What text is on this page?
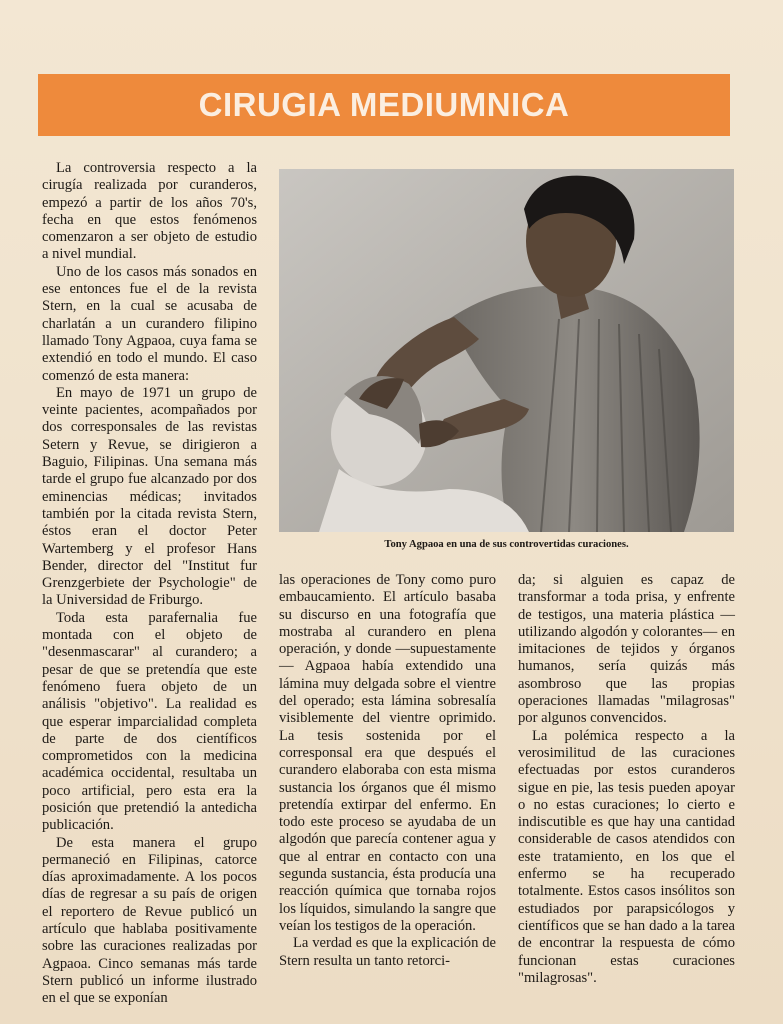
CIRUGIA MEDIUMNICA

La controversia respecto a la cirugía realizada por curanderos, empezó a partir de los años 70's, fecha en que estos fenómenos comenzaron a ser objeto de estudio a nivel mundial.

Uno de los casos más sonados en ese entonces fue el de la revista Stern, en la cual se acusaba de charlatán a un curandero filipino llamado Tony Agpaoa, cuya fama se extendió en todo el mundo. El caso comenzó de esta manera:

En mayo de 1971 un grupo de veinte pacientes, acompañados por dos corresponsales de las revistas Setern y Revue, se dirigieron a Baguio, Filipinas. Una semana más tarde el grupo fue alcanzado por dos eminencias médicas; invitados también por la citada revista Stern, éstos eran el doctor Peter Wartemberg y el profesor Hans Bender, director del "Institut fur Grenzgerbiete der Psychologie" de la Universidad de Friburgo.

Toda esta parafernalia fue montada con el objeto de "desenmascarar" al curandero; a pesar de que se pretendía que este fenómeno fuera objeto de un análisis "objetivo". La realidad es que esperar imparcialidad completa de parte de dos científicos comprometidos con la medicina académica occidental, resultaba un poco artificial, pero esta era la posición que pretendió la antedicha publicación.

De esta manera el grupo permaneció en Filipinas, catorce días aproximadamente. A los pocos días de regresar a su país de origen el reportero de Revue publicó un artículo que hablaba positivamente sobre las curaciones realizadas por Agpaoa. Cinco semanas más tarde Stern publicó un informe ilustrado en el que se exponían

Tony Agpaoa en una de sus controvertidas curaciones.

las operaciones de Tony como puro embaucamiento. El artículo basaba su discurso en una fotografía que mostraba al curandero en plena operación, y donde —supuestamente— Agpaoa había extendido una lámina muy delgada sobre el vientre del operado; esta lámina sobresalía visiblemente del vientre oprimido. La tesis sostenida por el corresponsal era que después el curandero elaboraba con esta misma sustancia los órganos que él mismo pretendía extirpar del enfermo. En todo este proceso se ayudaba de un algodón que parecía contener agua y que al entrar en contacto con una segunda sustancia, ésta producía una reacción química que tornaba rojos los líquidos, simulando la sangre que veían los testigos de la operación.

La verdad es que la explicación de Stern resulta un tanto retorci-

da; si alguien es capaz de transformar a toda prisa, y enfrente de testigos, una materia plástica —utilizando algodón y colorantes— en imitaciones de tejidos y órganos humanos, sería quizás más asombroso que las propias operaciones llamadas "milagrosas" por algunos convencidos.

La polémica respecto a la verosimilitud de las curaciones efectuadas por estos curanderos sigue en pie, las tesis pueden apoyar o no estas curaciones; lo cierto e indiscutible es que hay una cantidad considerable de casos atendidos con este tratamiento, en los que el enfermo se ha recuperado totalmente. Estos casos insólitos son estudiados por parapsicólogos y científicos que se han dado a la tarea de encontrar la respuesta de cómo funcionan estas curaciones "milagrosas".
